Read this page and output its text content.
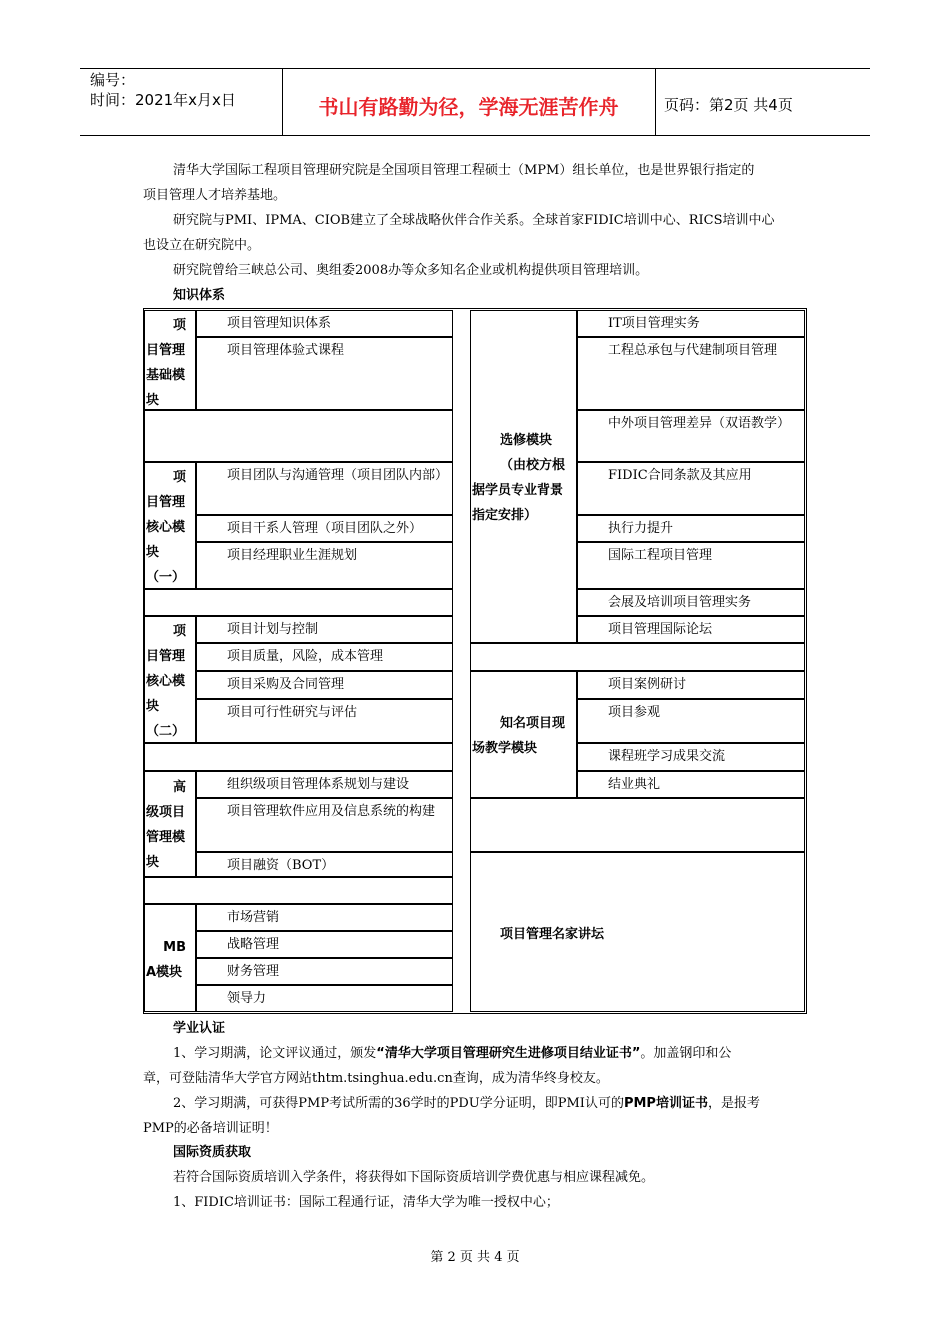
编号：
时间：2021年x月x日	书山有路勤为径，学海无涯苦作舟	页码：第2页 共4页
清华大学国际工程项目管理研究院是全国项目管理工程硕士（MPM）组长单位，也是世界银行指定的
项目管理人才培养基地。
研究院与PMI、IPMA、CIOB建立了全球战略伙伴合作关系。全球首家FIDIC培训中心、RICS培训中心
也设立在研究院中。
研究院曾给三峡总公司、奥组委2008办等众多知名企业或机构提供项目管理培训。
知识体系
项
目管理
基础模
块
项目管理知识体系
项目管理体验式课程
项
目管理
核心模
块
（一）
项目团队与沟通管理（项目团队内部）
项目干系人管理（项目团队之外）
项目经理职业生涯规划
项
目管理
核心模
块
（二）
项目计划与控制
项目质量，风险，成本管理
项目采购及合同管理
项目可行性研究与评估
高
级项目
管理模
块
组织级项目管理体系规划与建设
项目管理软件应用及信息系统的构建
项目融资（BOT）
MB
A模块
市场营销
战略管理
财务管理
领导力
选修模块
（由校方根
据学员专业背景
指定安排）
IT项目管理实务
工程总承包与代建制项目管理
中外项目管理差异（双语教学）
FIDIC合同条款及其应用
执行力提升
国际工程项目管理
会展及培训项目管理实务
项目管理国际论坛
知名项目现
场教学模块
项目案例研讨
项目参观
课程班学习成果交流
结业典礼
项目管理名家讲坛
学业认证
1、学习期满，论文评议通过，颁发“清华大学项目管理研究生进修项目结业证书”。加盖钢印和公
章，可登陆清华大学官方网站thtm.tsinghua.edu.cn查询，成为清华终身校友。
2、学习期满，可获得PMP考试所需的36学时的PDU学分证明，即PMI认可的PMP培训证书，是报考
PMP的必备培训证明！
国际资质获取
若符合国际资质培训入学条件，将获得如下国际资质培训学费优惠与相应课程减免。
1、FIDIC培训证书：国际工程通行证，清华大学为唯一授权中心；
第 2 页 共 4 页
